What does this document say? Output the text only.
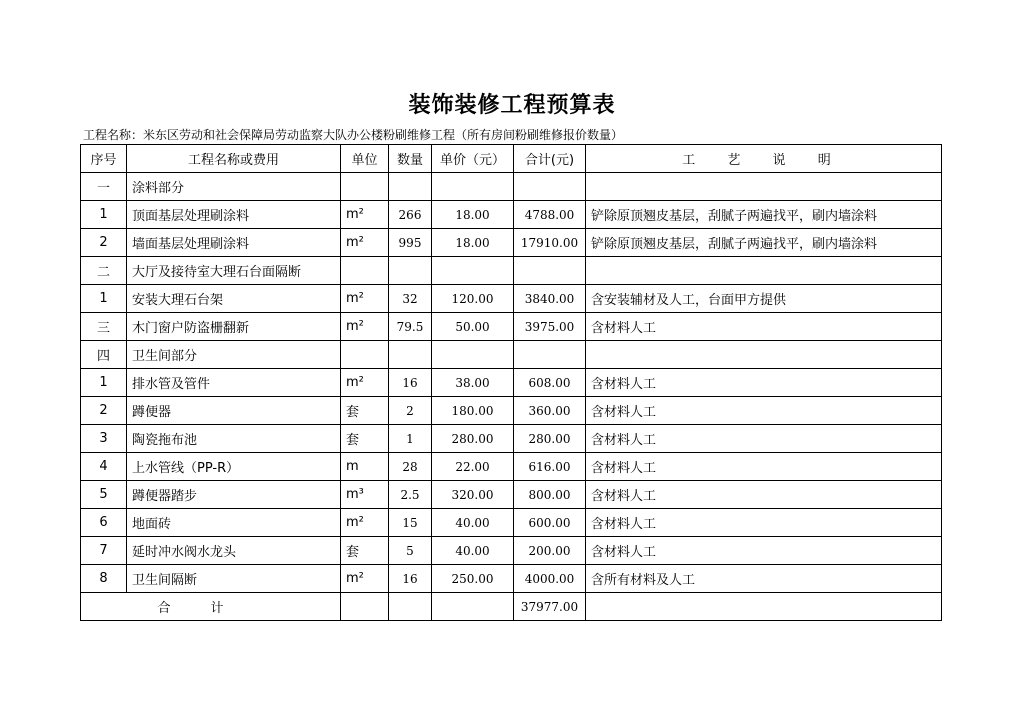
装饰装修工程预算表
工程名称：米东区劳动和社会保障局劳动监察大队办公楼粉刷维修工程（所有房间粉刷维修报价数量）
序号	工程名称或费用	单位	数量	单价（元）	合计(元)	工 艺 说 明
一	涂料部分					
1	顶面基层处理刷涂料	m²	266	18.00	4788.00	铲除原顶翘皮基层，刮腻子两遍找平，刷内墙涂料
2	墙面基层处理刷涂料	m²	995	18.00	17910.00	铲除原顶翘皮基层，刮腻子两遍找平，刷内墙涂料
二	大厅及接待室大理石台面隔断					
1	安装大理石台架	m²	32	120.00	3840.00	含安装辅材及人工，台面甲方提供
三	木门窗户防盗栅翻新	m²	79.5	50.00	3975.00	含材料人工
四	卫生间部分					
1	排水管及管件	m²	16	38.00	608.00	含材料人工
2	蹲便器	套	2	180.00	360.00	含材料人工
3	陶瓷拖布池	套	1	280.00	280.00	含材料人工
4	上水管线（PP-R）	m	28	22.00	616.00	含材料人工
5	蹲便器踏步	m³	2.5	320.00	800.00	含材料人工
6	地面砖	m²	15	40.00	600.00	含材料人工
7	延时冲水阀水龙头	套	5	40.00	200.00	含材料人工
8	卫生间隔断	m²	16	250.00	4000.00	含所有材料及人工
合计					37977.00	
